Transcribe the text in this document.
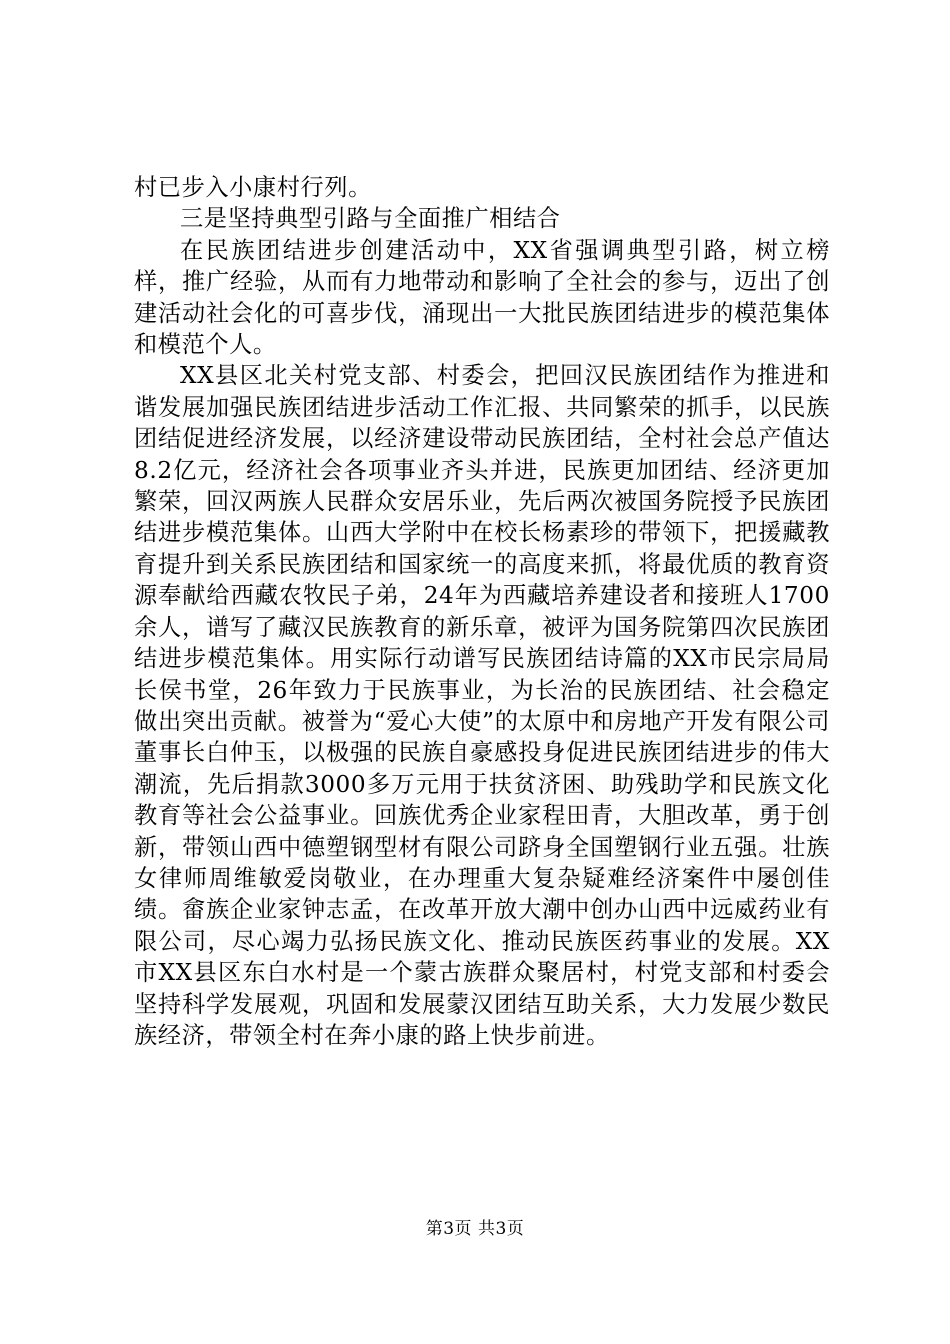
村已步入小康村行列。

三是坚持典型引路与全面推广相结合

在民族团结进步创建活动中，XX省强调典型引路，树立榜样，推广经验，从而有力地带动和影响了全社会的参与，迈出了创建活动社会化的可喜步伐，涌现出一大批民族团结进步的模范集体和模范个人。

XX县区北关村党支部、村委会，把回汉民族团结作为推进和谐发展加强民族团结进步活动工作汇报、共同繁荣的抓手，以民族团结促进经济发展，以经济建设带动民族团结，全村社会总产值达8.2亿元，经济社会各项事业齐头并进，民族更加团结、经济更加繁荣，回汉两族人民群众安居乐业，先后两次被国务院授予民族团结进步模范集体。山西大学附中在校长杨素珍的带领下，把援藏教育提升到关系民族团结和国家统一的高度来抓，将最优质的教育资源奉献给西藏农牧民子弟，24年为西藏培养建设者和接班人1700余人，谱写了藏汉民族教育的新乐章，被评为国务院第四次民族团结进步模范集体。用实际行动谱写民族团结诗篇的XX市民宗局局长侯书堂，26年致力于民族事业，为长治的民族团结、社会稳定做出突出贡献。被誉为“爱心大使”的太原中和房地产开发有限公司董事长白仲玉，以极强的民族自豪感投身促进民族团结进步的伟大潮流，先后捐款3000多万元用于扶贫济困、助残助学和民族文化教育等社会公益事业。回族优秀企业家程田青，大胆改革，勇于创新，带领山西中德塑钢型材有限公司跻身全国塑钢行业五强。壮族女律师周维敏爱岗敬业，在办理重大复杂疑难经济案件中屡创佳绩。畲族企业家钟志孟，在改革开放大潮中创办山西中远威药业有限公司，尽心竭力弘扬民族文化、推动民族医药事业的发展。XX市XX县区东白水村是一个蒙古族群众聚居村，村党支部和村委会坚持科学发展观，巩固和发展蒙汉团结互助关系，大力发展少数民族经济，带领全村在奔小康的路上快步前进。

第3页 共3页
